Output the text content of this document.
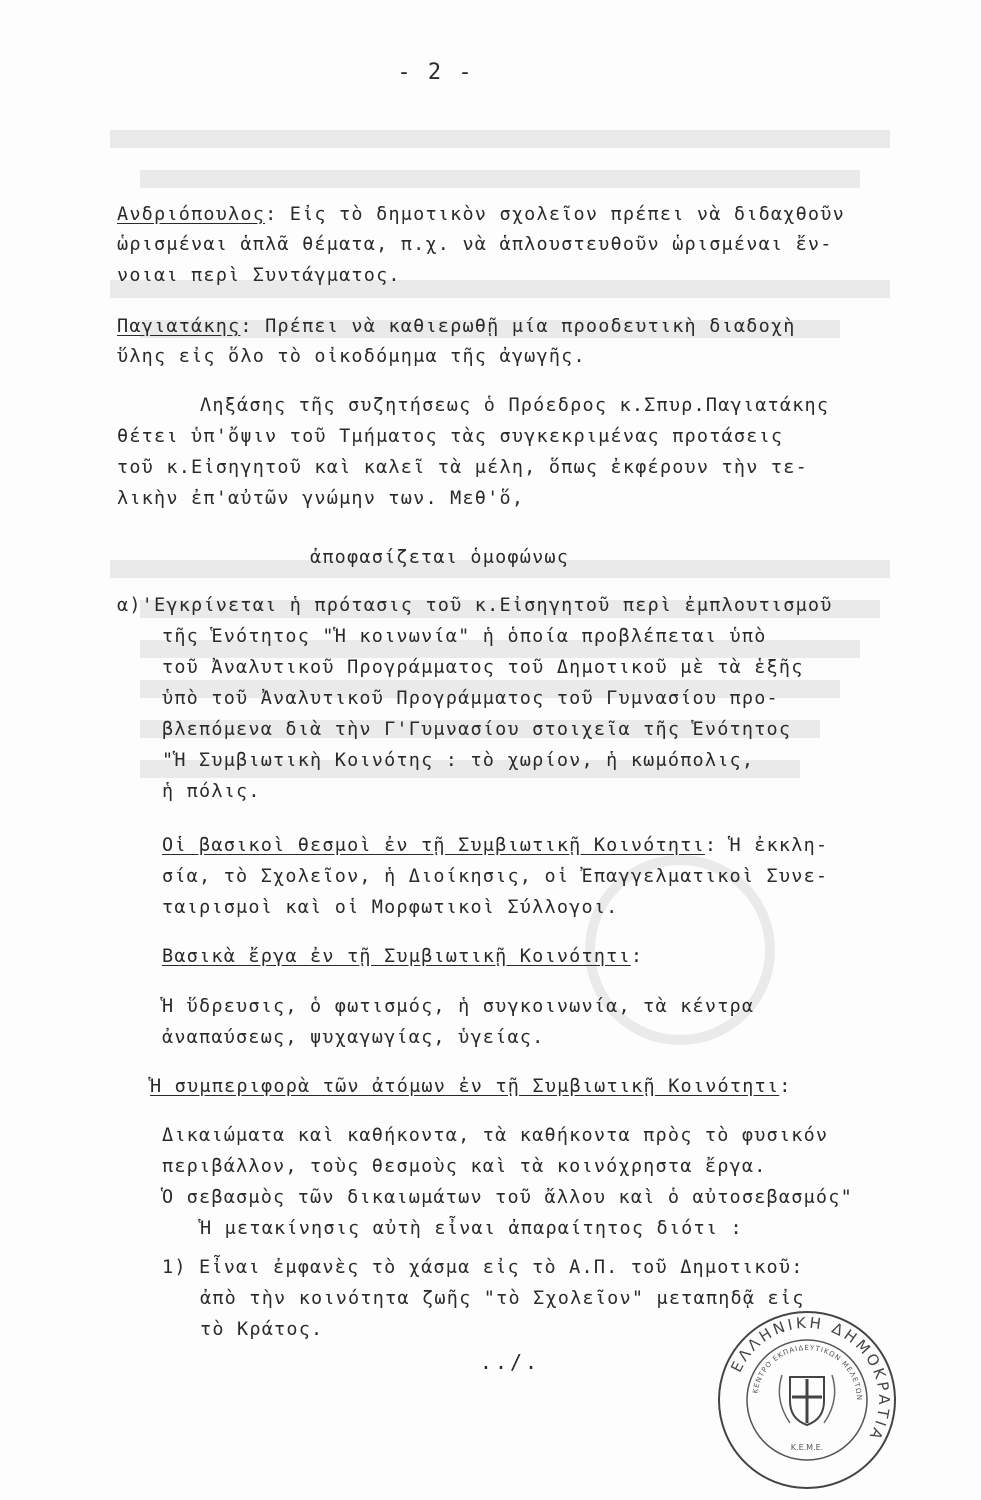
- 2 -
Ανδριόπουλος: Εἰς τὸ δημοτικὸν σχολεῖον πρέπει νὰ διδαχθοῦν
ὡρισμέναι ἁπλᾶ θέματα, π.χ. νὰ ἁπλουστευθοῦν ὡρισμέναι ἔν-
νοιαι περὶ Συντάγματος.
Παγιατάκης: Πρέπει νὰ καθιερωθῇ μία προοδευτικὴ διαδοχὴ
ὕλης εἰς ὅλο τὸ οἰκοδόμημα τῆς ἀγωγῆς.
Ληξάσης τῆς συζητήσεως ὁ Πρόεδρος κ.Σπυρ.Παγιατάκης
θέτει ὑπ'ὄψιν τοῦ Τμήματος τὰς συγκεκριμένας προτάσεις
τοῦ κ.Εἰσηγητοῦ καὶ καλεῖ τὰ μέλη, ὅπως ἐκφέρουν τὴν τε-
λικὴν ἐπ'αὐτῶν γνώμην των. Μεθ'ὅ,
ἀποφασίζεται ὁμοφώνως
α)'Εγκρίνεται ἡ πρότασις τοῦ κ.Εἰσηγητοῦ περὶ ἐμπλουτισμοῦ
τῆς Ἑνότητος "Ἡ κοινωνία" ἡ ὁποία προβλέπεται ὑπὸ
τοῦ Ἀναλυτικοῦ Προγράμματος τοῦ Δημοτικοῦ μὲ τὰ ἑξῆς
ὑπὸ τοῦ Ἀναλυτικοῦ Προγράμματος τοῦ Γυμνασίου προ-
βλεπόμενα διὰ τὴν Γ'Γυμνασίου στοιχεῖα τῆς Ἑνότητος
"Ἡ Συμβιωτικὴ Κοινότης : τὸ χωρίον, ἡ κωμόπολις,
ἡ πόλις.
Οἱ βασικοὶ θεσμοὶ ἐν τῇ Συμβιωτικῇ Κοινότητι: Ἡ ἐκκλη-
σία, τὸ Σχολεῖον, ἡ Διοίκησις, οἱ Ἐπαγγελματικοὶ Συνε-
ταιρισμοὶ καὶ οἱ Μορφωτικοὶ Σύλλογοι.
Βασικὰ ἔργα ἐν τῇ Συμβιωτικῇ Κοινότητι:
Ἡ ὕδρευσις, ὁ φωτισμός, ἡ συγκοινωνία, τὰ κέντρα
ἀναπαύσεως, ψυχαγωγίας, ὑγείας.
Ἡ συμπεριφορὰ τῶν ἀτόμων ἐν τῇ Συμβιωτικῇ Κοινότητι:
Δικαιώματα καὶ καθήκοντα, τὰ καθήκοντα πρὸς τὸ φυσικόν
περιβάλλον, τοὺς θεσμοὺς καὶ τὰ κοινόχρηστα ἔργα.
Ὁ σεβασμὸς τῶν δικαιωμάτων τοῦ ἄλλου καὶ ὁ αὐτοσεβασμός"
Ἡ μετακίνησις αὐτὴ εἶναι ἀπαραίτητος διότι :
1) Εἶναι ἐμφανὲς τὸ χάσμα εἰς τὸ Α.Π. τοῦ Δημοτικοῦ:
ἀπὸ τὴν κοινότητα ζωῆς "τὸ Σχολεῖον" μεταπηδᾷ εἰς
τὸ Κράτος.
../.	ΕΛΛΗΝΙΚΗ ΔΗΜΟΚΡΑΤΙΑ
ΚΕΝΤΡΟ ΕΚΠΑΙΔΕΥΤΙΚΩΝ ΜΕΛΕΤΩΝ
Κ.Ε.Μ.Ε.
